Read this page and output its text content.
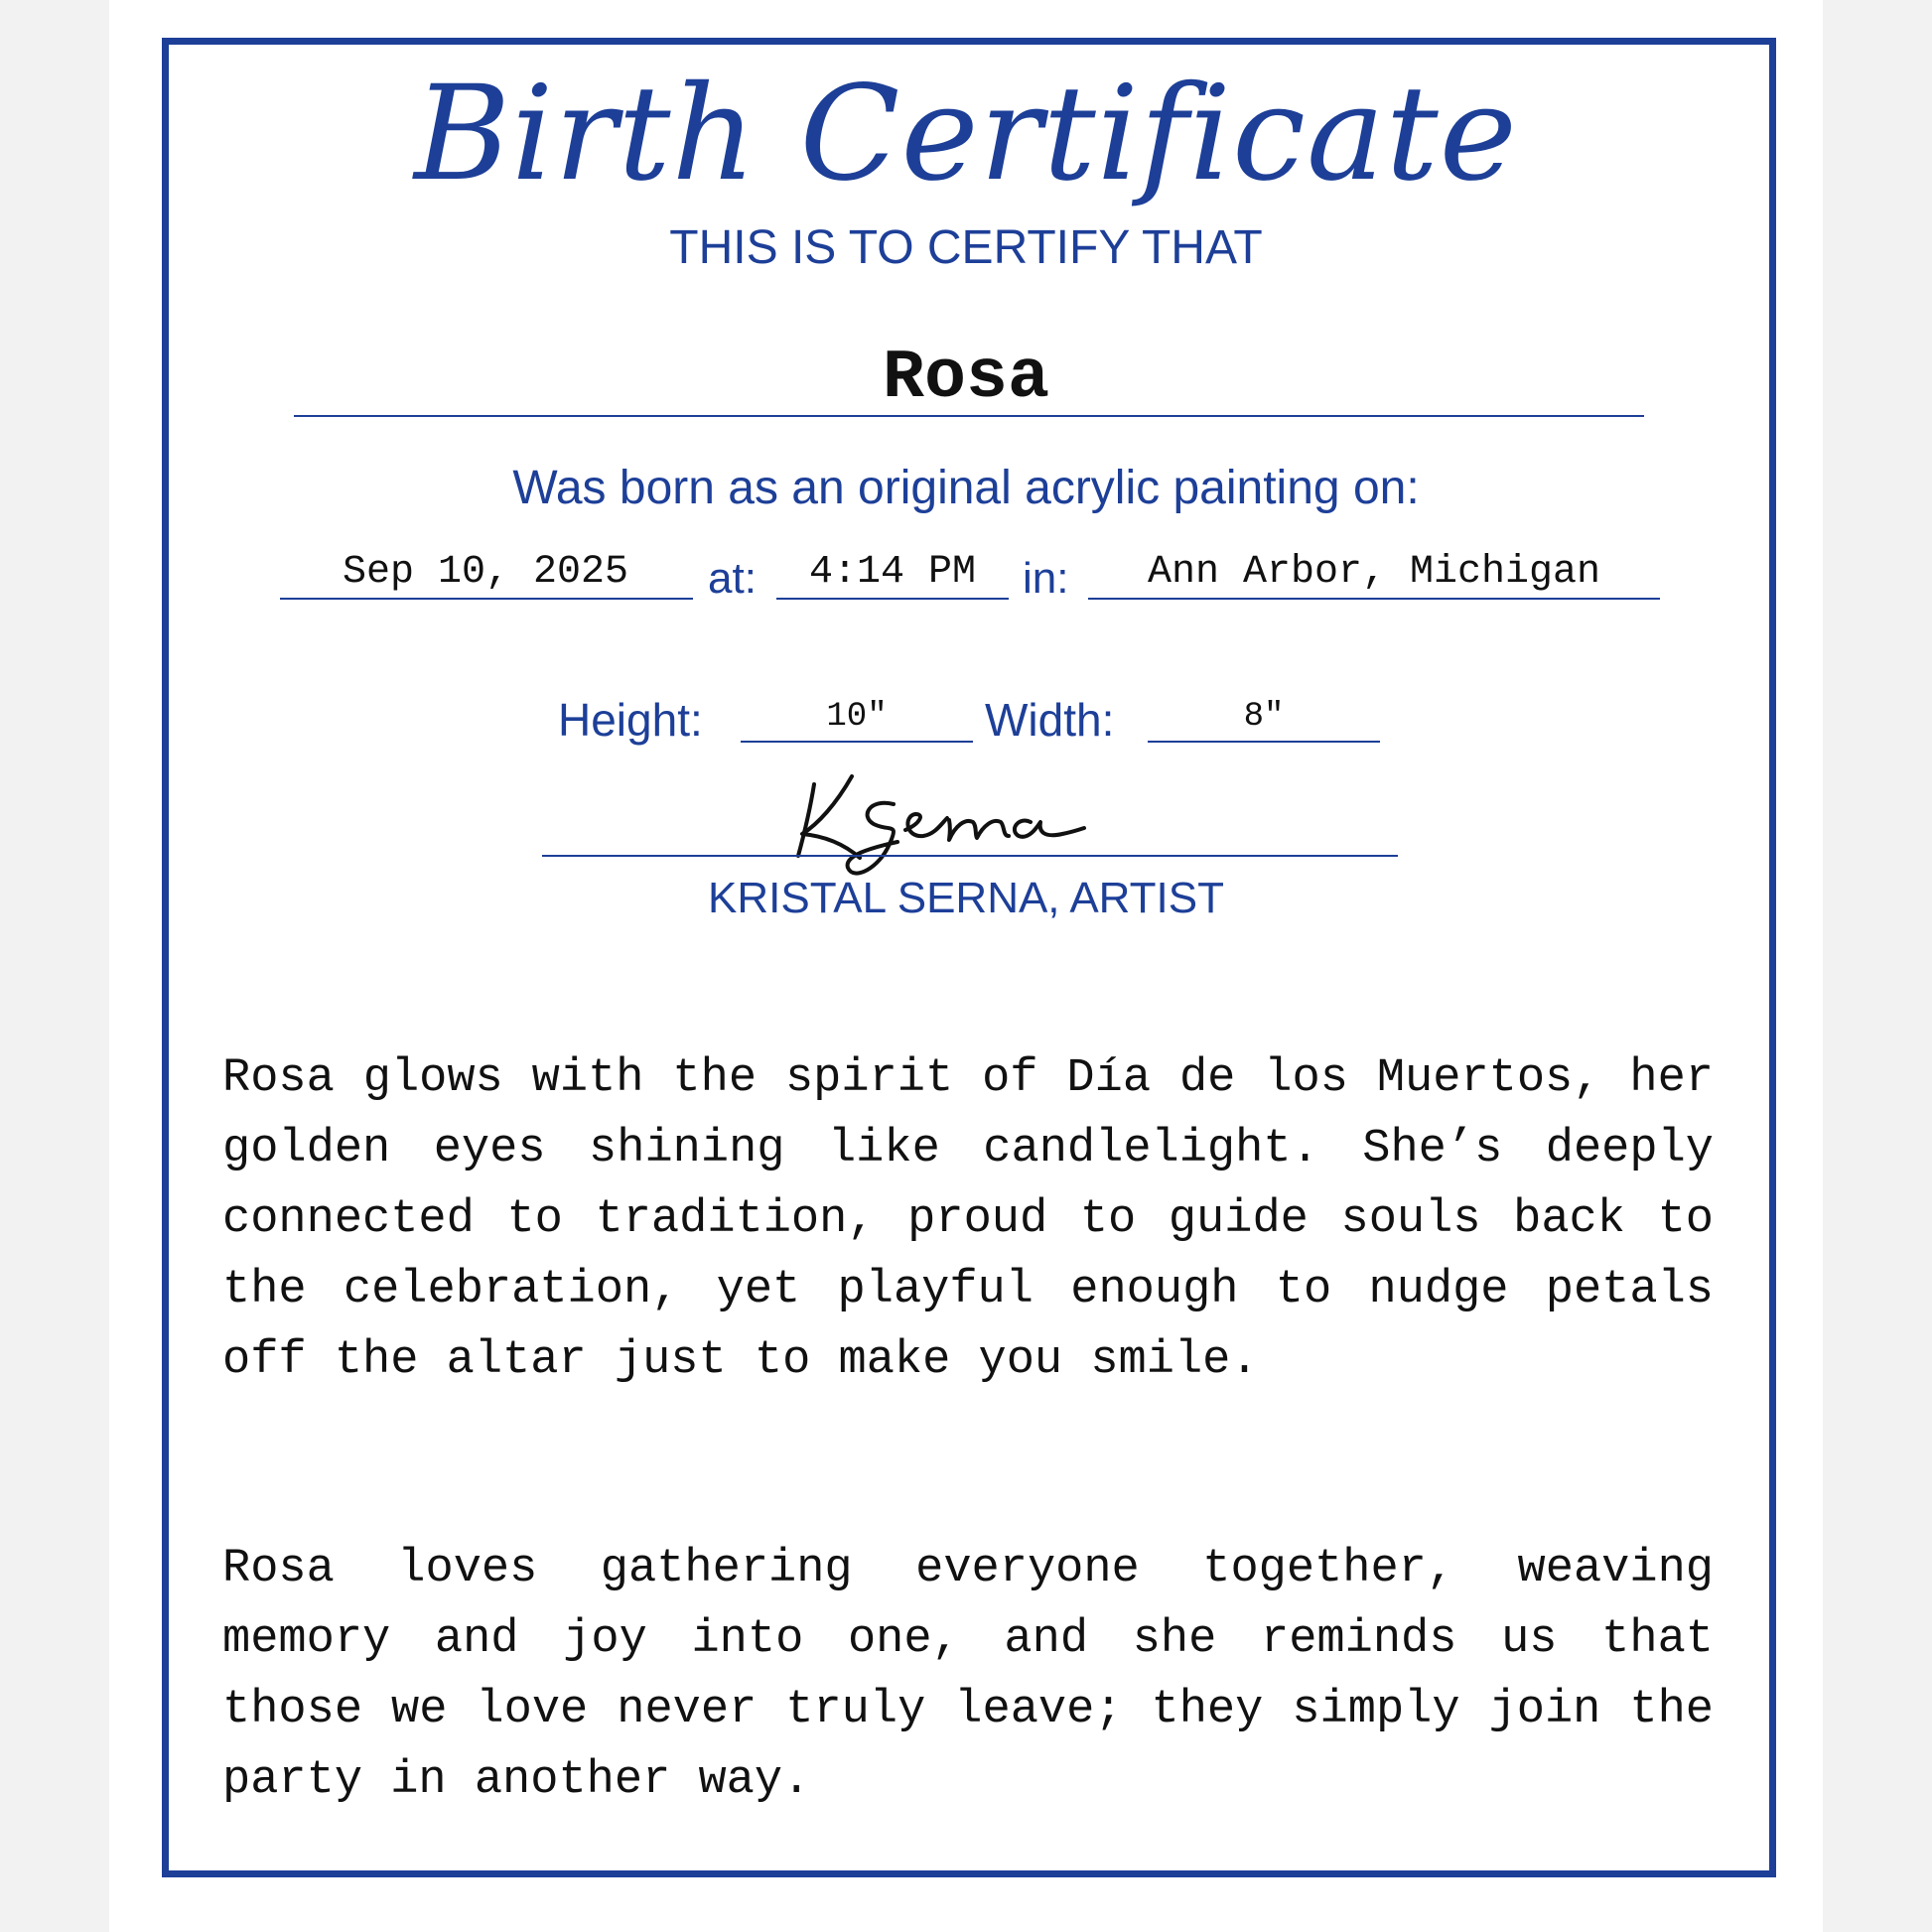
Birth Certificate
THIS IS TO CERTIFY THAT
Rosa
Was born as an original acrylic painting on:
Sep 10, 2025	at:	4:14 PM	in:	Ann Arbor, Michigan
Height:	10"	Width:	8"
KRISTAL SERNA, ARTIST

Rosa glows with the spirit of Día de los Muertos, her golden eyes shining like candlelight. She’s deeply connected to tradition, proud to guide souls back to the celebration, yet playful enough to nudge petals off the altar just to make you smile.

Rosa loves gathering everyone together, weaving memory and joy into one, and she reminds us that those we love never truly leave; they simply join the party in another way.
